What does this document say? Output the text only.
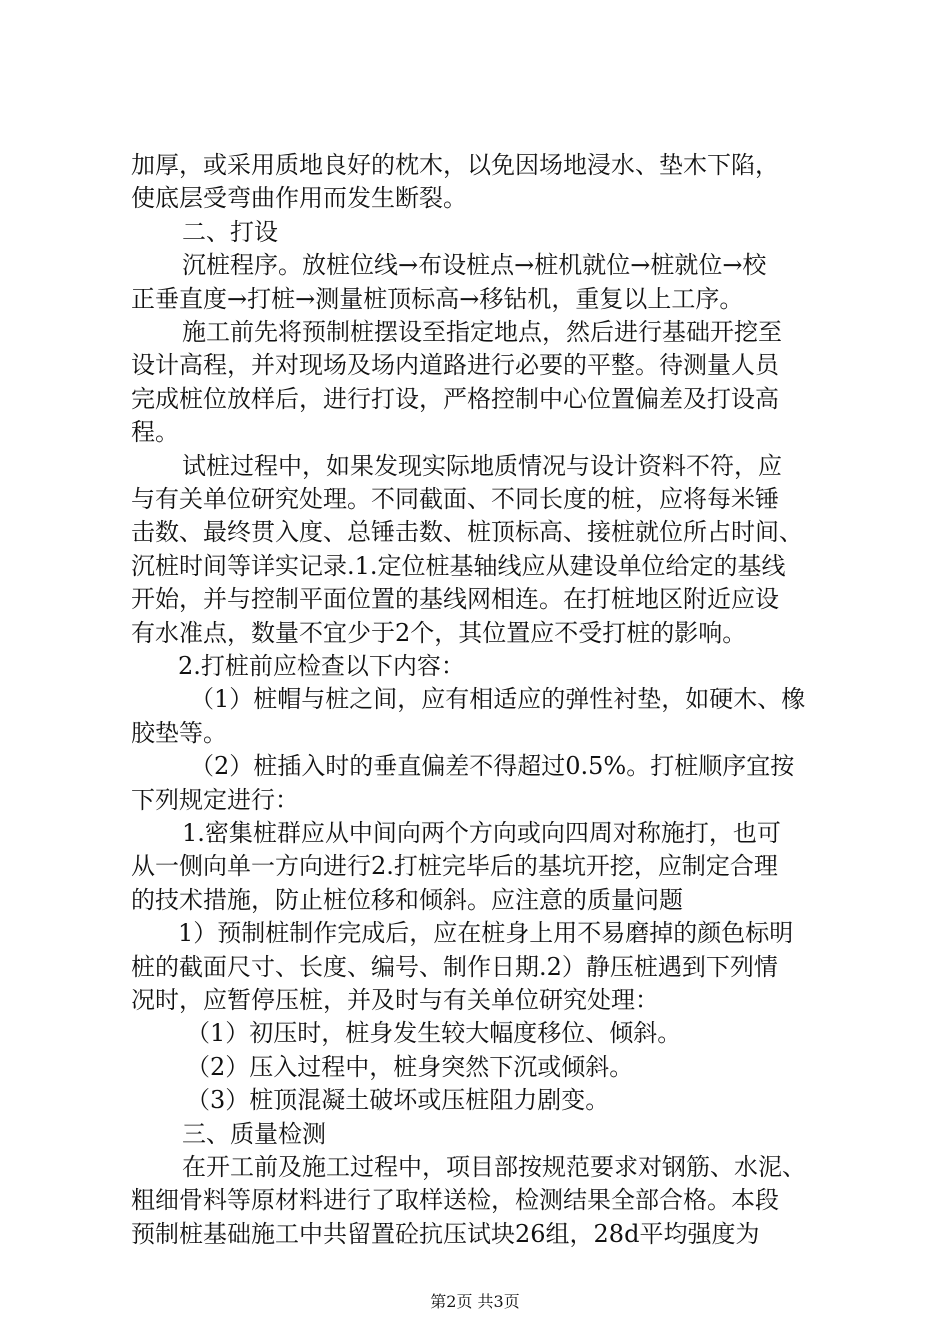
加厚，或采用质地良好的枕木，以免因场地浸水、垫木下陷，
使底层受弯曲作用而发生断裂。
二、打设
沉桩程序。放桩位线→布设桩点→桩机就位→桩就位→校
正垂直度→打桩→测量桩顶标高→移钻机，重复以上工序。
施工前先将预制桩摆设至指定地点，然后进行基础开挖至
设计高程，并对现场及场内道路进行必要的平整。待测量人员
完成桩位放样后，进行打设，严格控制中心位置偏差及打设高
程。
试桩过程中，如果发现实际地质情况与设计资料不符，应
与有关单位研究处理。不同截面、不同长度的桩，应将每米锤
击数、最终贯入度、总锤击数、桩顶标高、接桩就位所占时间、
沉桩时间等详实记录.1.定位桩基轴线应从建设单位给定的基线
开始，并与控制平面位置的基线网相连。在打桩地区附近应设
有水准点，数量不宜少于2个，其位置应不受打桩的影响。
2.打桩前应检查以下内容：
（1）桩帽与桩之间，应有相适应的弹性衬垫，如硬木、橡
胶垫等。
（2）桩插入时的垂直偏差不得超过0.5%。打桩顺序宜按
下列规定进行：
1.密集桩群应从中间向两个方向或向四周对称施打，也可
从一侧向单一方向进行2.打桩完毕后的基坑开挖，应制定合理
的技术措施，防止桩位移和倾斜。应注意的质量问题
1）预制桩制作完成后，应在桩身上用不易磨掉的颜色标明
桩的截面尺寸、长度、编号、制作日期.2）静压桩遇到下列情
况时，应暂停压桩，并及时与有关单位研究处理：
（1）初压时，桩身发生较大幅度移位、倾斜。
（2）压入过程中，桩身突然下沉或倾斜。
（3）桩顶混凝土破坏或压桩阻力剧变。
三、质量检测
在开工前及施工过程中，项目部按规范要求对钢筋、水泥、
粗细骨料等原材料进行了取样送检，检测结果全部合格。本段
预制桩基础施工中共留置砼抗压试块26组，28d平均强度为
第2页 共3页
